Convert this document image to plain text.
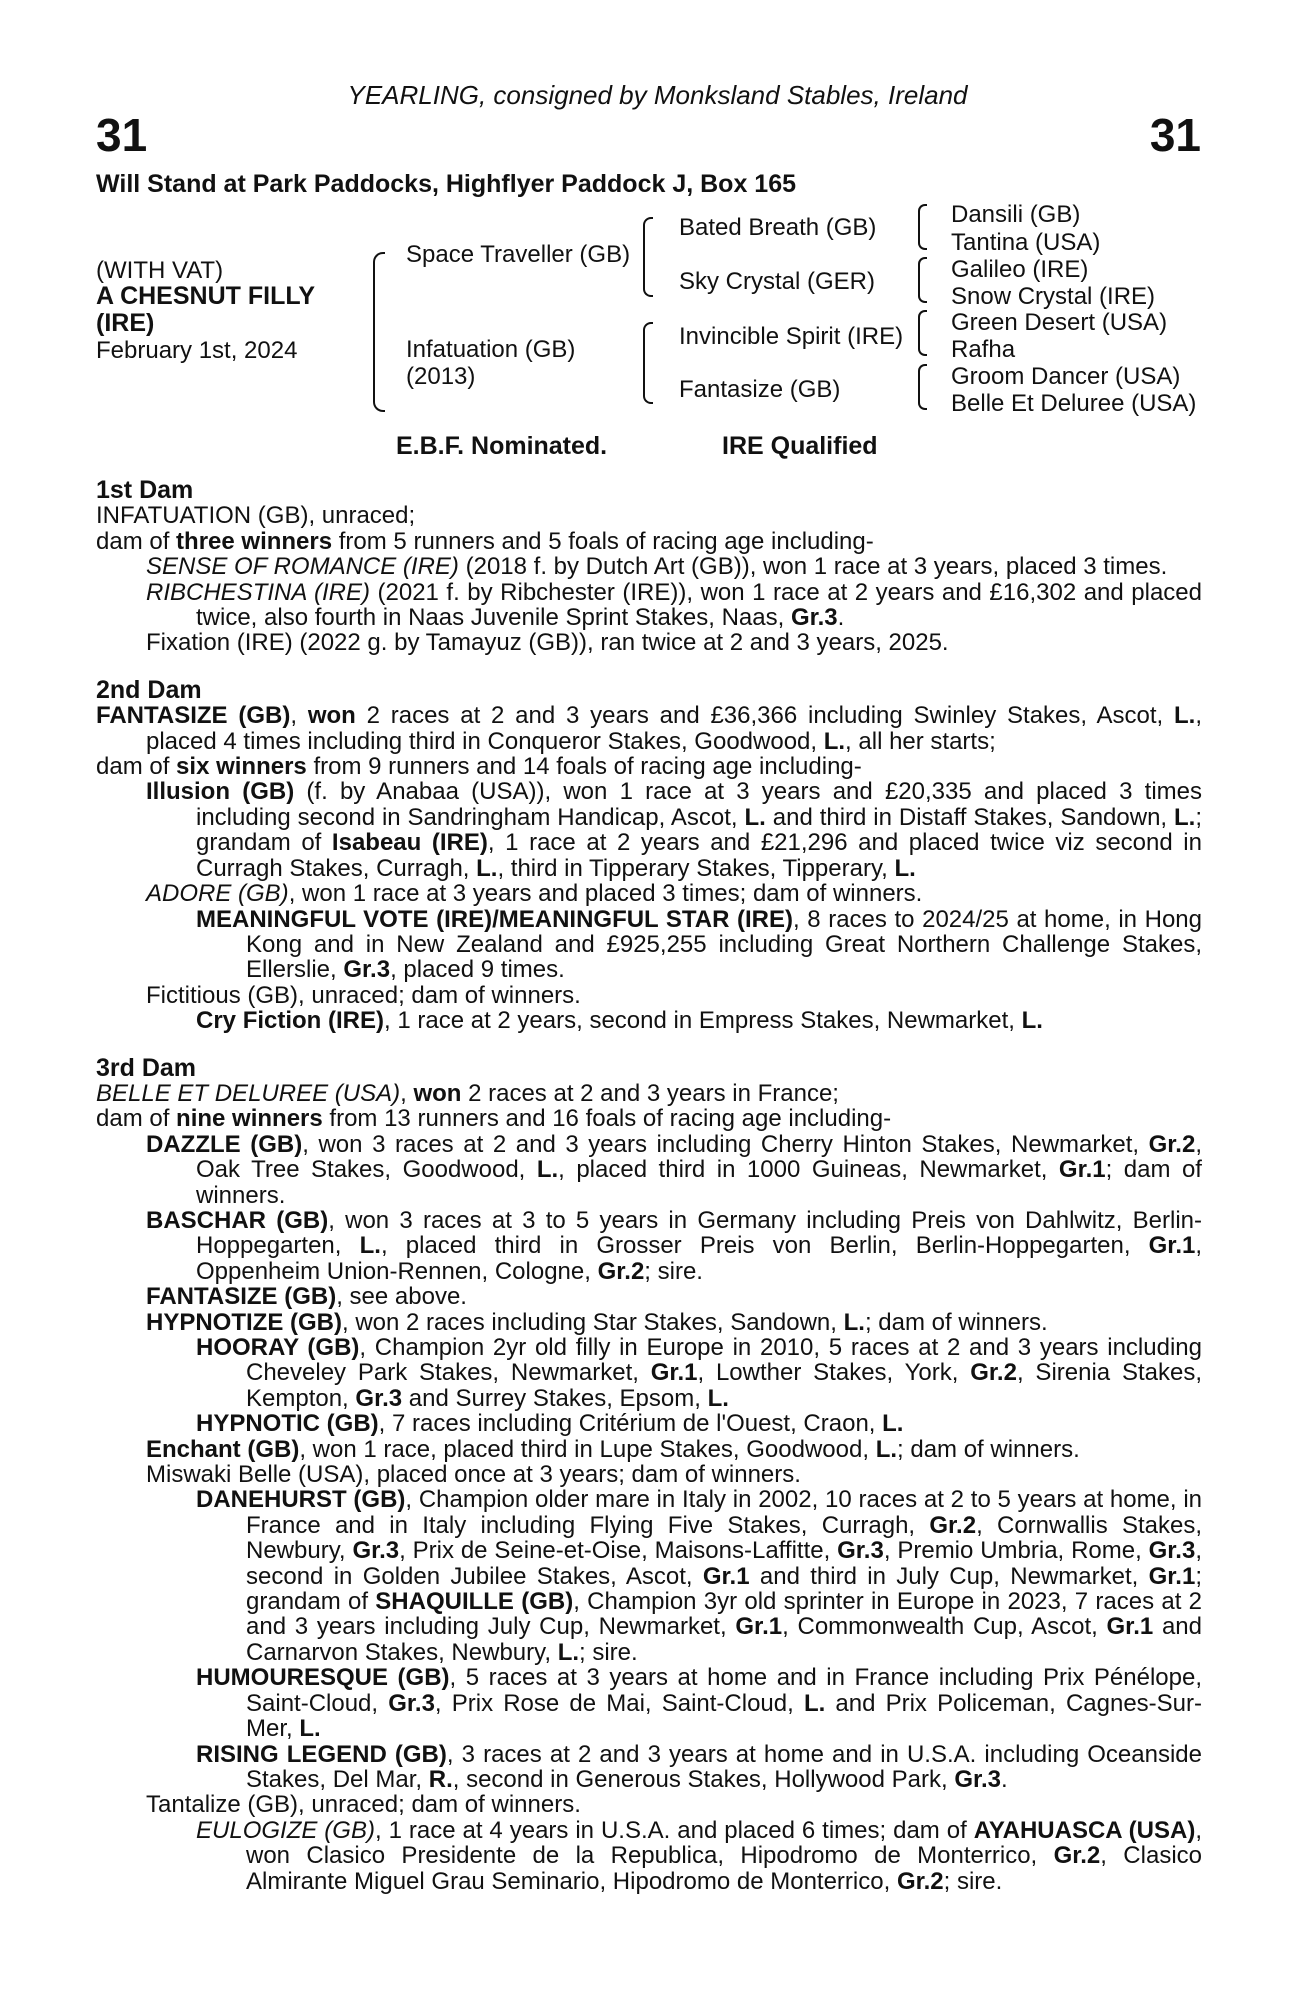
YEARLING, consigned by Monksland Stables, Ireland
31	31
Will Stand at Park Paddocks, Highflyer Paddock J, Box 165
(WITH VAT)
A CHESNUT FILLY
(IRE)
February 1st, 2024
Space Traveller (GB)
Infatuation (GB)
(2013)
Bated Breath (GB)
Sky Crystal (GER)
Invincible Spirit (IRE)
Fantasize (GB)
Dansili (GB)
Tantina (USA)
Galileo (IRE)
Snow Crystal (IRE)
Green Desert (USA)
Rafha
Groom Dancer (USA)
Belle Et Deluree (USA)
E.B.F. Nominated.	IRE Qualified

1st Dam

INFATUATION (GB), unraced;

dam of three winners from 5 runners and 5 foals of racing age including-

SENSE OF ROMANCE (IRE) (2018 f. by Dutch Art (GB)), won 1 race at 3 years, placed 3 times.

RIBCHESTINA (IRE) (2021 f. by Ribchester (IRE)), won 1 race at 2 years and £16,302 and placed twice, also fourth in Naas Juvenile Sprint Stakes, Naas, Gr.3.

Fixation (IRE) (2022 g. by Tamayuz (GB)), ran twice at 2 and 3 years, 2025.

2nd Dam

FANTASIZE (GB), won 2 races at 2 and 3 years and £36,366 including Swinley Stakes, Ascot, L., placed 4 times including third in Conqueror Stakes, Goodwood, L., all her starts;

dam of six winners from 9 runners and 14 foals of racing age including-

Illusion (GB) (f. by Anabaa (USA)), won 1 race at 3 years and £20,335 and placed 3 times including second in Sandringham Handicap, Ascot, L. and third in Distaff Stakes, Sandown, L.; grandam of Isabeau (IRE), 1 race at 2 years and £21,296 and placed twice viz second in Curragh Stakes, Curragh, L., third in Tipperary Stakes, Tipperary, L.

ADORE (GB), won 1 race at 3 years and placed 3 times; dam of winners.

MEANINGFUL VOTE (IRE)/MEANINGFUL STAR (IRE), 8 races to 2024/25 at home, in Hong Kong and in New Zealand and £925,255 including Great Northern Challenge Stakes, Ellerslie, Gr.3, placed 9 times.

Fictitious (GB), unraced; dam of winners.

Cry Fiction (IRE), 1 race at 2 years, second in Empress Stakes, Newmarket, L.

3rd Dam

BELLE ET DELUREE (USA), won 2 races at 2 and 3 years in France;

dam of nine winners from 13 runners and 16 foals of racing age including-

DAZZLE (GB), won 3 races at 2 and 3 years including Cherry Hinton Stakes, Newmarket, Gr.2, Oak Tree Stakes, Goodwood, L., placed third in 1000 Guineas, Newmarket, Gr.1; dam of winners.

BASCHAR (GB), won 3 races at 3 to 5 years in Germany including Preis von Dahlwitz, Berlin-Hoppegarten, L., placed third in Grosser Preis von Berlin, Berlin-Hoppegarten, Gr.1, Oppenheim Union-Rennen, Cologne, Gr.2; sire.

FANTASIZE (GB), see above.

HYPNOTIZE (GB), won 2 races including Star Stakes, Sandown, L.; dam of winners.

HOORAY (GB), Champion 2yr old filly in Europe in 2010, 5 races at 2 and 3 years including Cheveley Park Stakes, Newmarket, Gr.1, Lowther Stakes, York, Gr.2, Sirenia Stakes, Kempton, Gr.3 and Surrey Stakes, Epsom, L.

HYPNOTIC (GB), 7 races including Critérium de l'Ouest, Craon, L.

Enchant (GB), won 1 race, placed third in Lupe Stakes, Goodwood, L.; dam of winners.

Miswaki Belle (USA), placed once at 3 years; dam of winners.

DANEHURST (GB), Champion older mare in Italy in 2002, 10 races at 2 to 5 years at home, in France and in Italy including Flying Five Stakes, Curragh, Gr.2, Cornwallis Stakes, Newbury, Gr.3, Prix de Seine-et-Oise, Maisons-Laffitte, Gr.3, Premio Umbria, Rome, Gr.3, second in Golden Jubilee Stakes, Ascot, Gr.1 and third in July Cup, Newmarket, Gr.1; grandam of SHAQUILLE (GB), Champion 3yr old sprinter in Europe in 2023, 7 races at 2 and 3 years including July Cup, Newmarket, Gr.1, Commonwealth Cup, Ascot, Gr.1 and Carnarvon Stakes, Newbury, L.; sire.

HUMOURESQUE (GB), 5 races at 3 years at home and in France including Prix Pénélope, Saint-Cloud, Gr.3, Prix Rose de Mai, Saint-Cloud, L. and Prix Policeman, Cagnes-Sur-Mer, L.

RISING LEGEND (GB), 3 races at 2 and 3 years at home and in U.S.A. including Oceanside Stakes, Del Mar, R., second in Generous Stakes, Hollywood Park, Gr.3.

Tantalize (GB), unraced; dam of winners.

EULOGIZE (GB), 1 race at 4 years in U.S.A. and placed 6 times; dam of AYAHUASCA (USA), won Clasico Presidente de la Republica, Hipodromo de Monterrico, Gr.2, Clasico Almirante Miguel Grau Seminario, Hipodromo de Monterrico, Gr.2; sire.
